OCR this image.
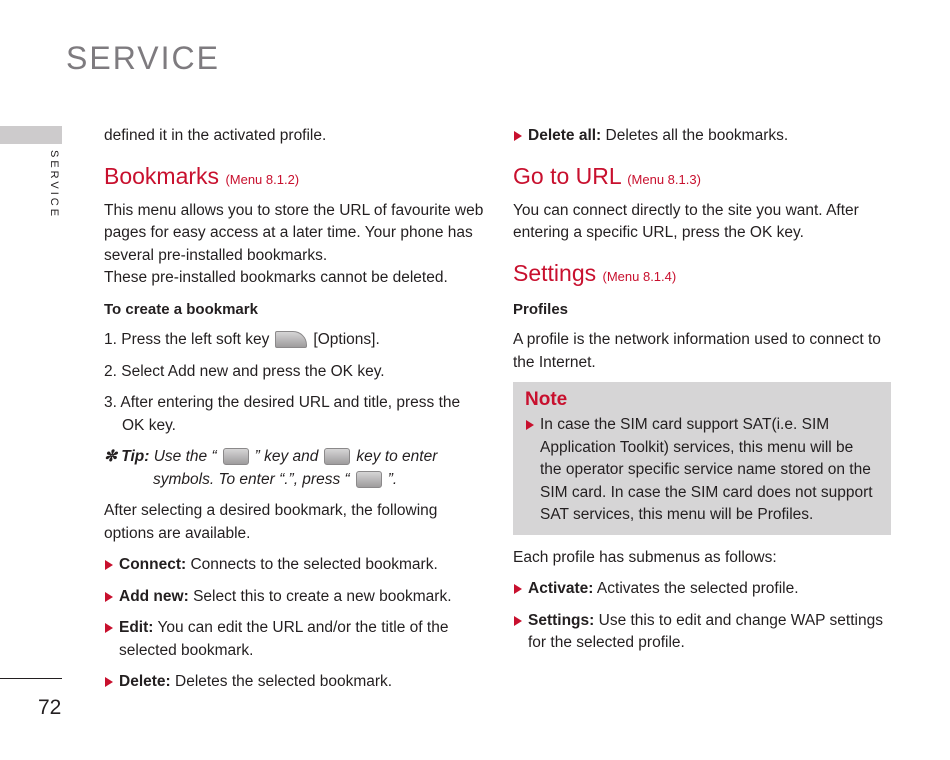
SERVICE
SERVICE
72

defined it in the activated profile.

Bookmarks (Menu 8.1.2)

This menu allows you to store the URL of favourite web pages for easy access at a later time. Your phone has several pre-installed bookmarks.

These pre-installed bookmarks cannot be deleted.

To create a bookmark

1. Press the left soft key	[Options].

2. Select Add new and press the OK key.

3. After entering the desired URL and title, press the OK key.

✼ Tip: Use the “ ” key and key to enter symbols. To enter “.”, press “ ”.

After selecting a desired bookmark, the following options are available.

Connect: Connects to the selected bookmark.
Add new: Select this to create a new bookmark.
Edit: You can edit the URL and/or the title of the selected bookmark.
Delete: Deletes the selected bookmark.
Delete all: Deletes all the bookmarks.
Go to URL (Menu 8.1.3)

You can connect directly to the site you want. After entering a specific URL, press the OK key.

Settings (Menu 8.1.4)

Profiles

A profile is the network information used to connect to the Internet.

Note
In case the SIM card support SAT(i.e. SIM Application Toolkit) services, this menu will be the operator specific service name stored on the SIM card. In case the SIM card does not support SAT services, this menu will be Profiles.

Each profile has submenus as follows:

Activate: Activates the selected profile.
Settings: Use this to edit and change WAP settings for the selected profile.
